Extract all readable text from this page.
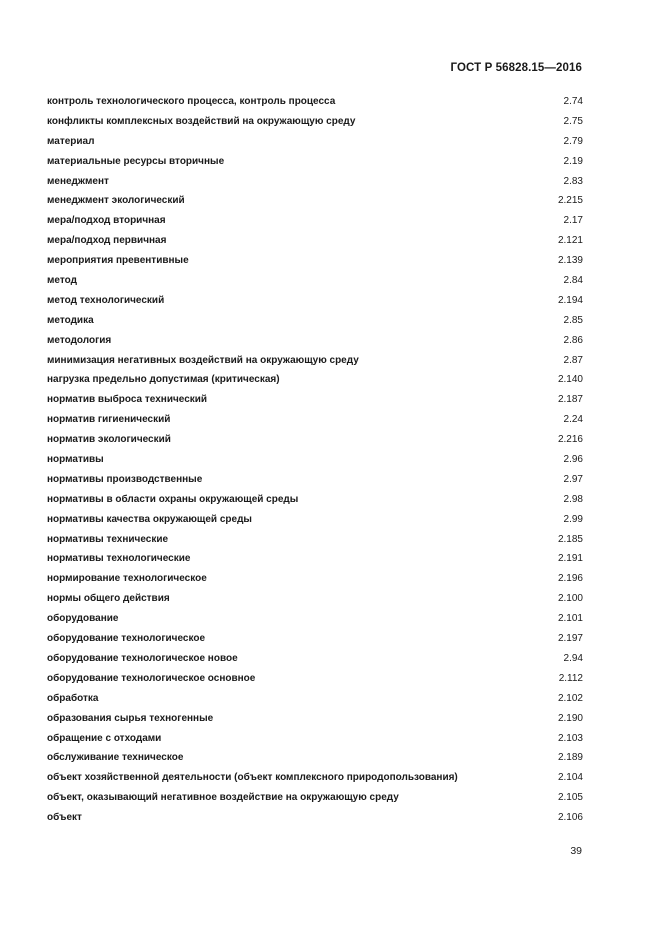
ГОСТ Р 56828.15—2016
контроль технологического процесса, контроль процесса	2.74
конфликты комплексных воздействий на окружающую среду	2.75
материал	2.79
материальные ресурсы вторичные	2.19
менеджмент	2.83
менеджмент экологический	2.215
мера/подход вторичная	2.17
мера/подход первичная	2.121
мероприятия превентивные	2.139
метод	2.84
метод технологический	2.194
методика	2.85
методология	2.86
минимизация негативных воздействий на окружающую среду	2.87
нагрузка предельно допустимая (критическая)	2.140
норматив выброса технический	2.187
норматив гигиенический	2.24
норматив экологический	2.216
нормативы	2.96
нормативы производственные	2.97
нормативы в области охраны окружающей среды	2.98
нормативы качества окружающей среды	2.99
нормативы технические	2.185
нормативы технологические	2.191
нормирование технологическое	2.196
нормы общего действия	2.100
оборудование	2.101
оборудование технологическое	2.197
оборудование технологическое новое	2.94
оборудование технологическое основное	2.112
обработка	2.102
образования сырья техногенные	2.190
обращение с отходами	2.103
обслуживание техническое	2.189
объект хозяйственной деятельности (объект комплексного природопользования)	2.104
объект, оказывающий негативное воздействие на окружающую среду	2.105
объект	2.106
39
